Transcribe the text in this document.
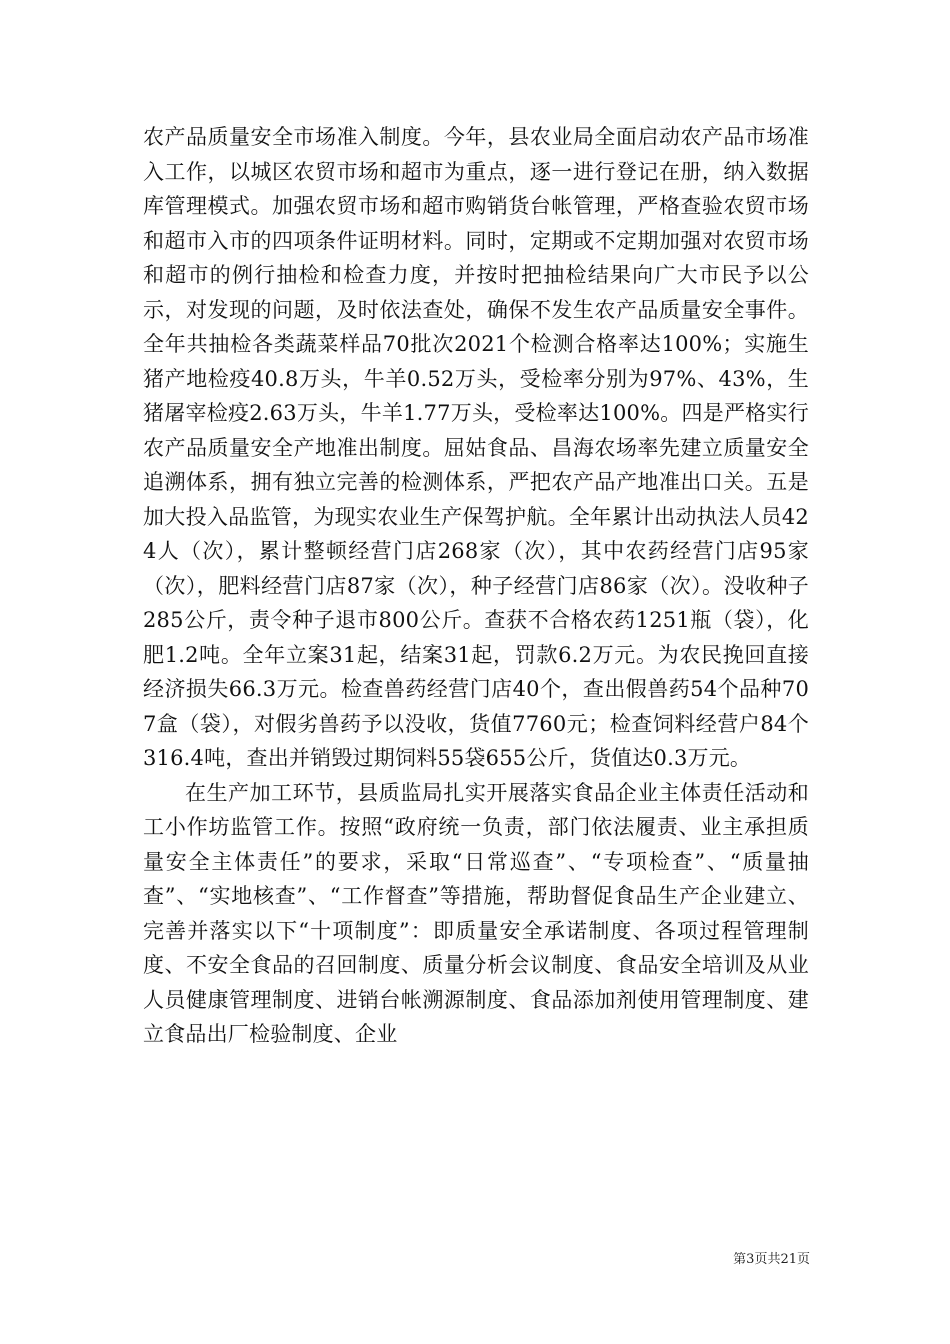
农产品质量安全市场准入制度。今年，县农业局全面启动农产品市场准入工作，以城区农贸市场和超市为重点，逐一进行登记在册，纳入数据库管理模式。加强农贸市场和超市购销货台帐管理，严格查验农贸市场和超市入市的四项条件证明材料。同时，定期或不定期加强对农贸市场和超市的例行抽检和检查力度，并按时把抽检结果向广大市民予以公示，对发现的问题，及时依法查处，确保不发生农产品质量安全事件。全年共抽检各类蔬菜样品70批次2021个检测合格率达100%；实施生猪产地检疫40.8万头，牛羊0.52万头，受检率分别为97%、43%，生猪屠宰检疫2.63万头，牛羊1.77万头，受检率达100%。四是严格实行农产品质量安全产地准出制度。屈姑食品、昌海农场率先建立质量安全追溯体系，拥有独立完善的检测体系，严把农产品产地准出口关。五是加大投入品监管，为现实农业生产保驾护航。全年累计出动执法人员424人（次），累计整顿经营门店268家（次），其中农药经营门店95家（次），肥料经营门店87家（次），种子经营门店86家（次）。没收种子285公斤，责令种子退市800公斤。查获不合格农药1251瓶（袋），化肥1.2吨。全年立案31起，结案31起，罚款6.2万元。为农民挽回直接经济损失66.3万元。检查兽药经营门店40个，查出假兽药54个品种707盒（袋），对假劣兽药予以没收，货值7760元；检查饲料经营户84个316.4吨，查出并销毁过期饲料55袋655公斤，货值达0.3万元。

在生产加工环节，县质监局扎实开展落实食品企业主体责任活动和工小作坊监管工作。按照“政府统一负责，部门依法履责、业主承担质量安全主体责任”的要求，采取“日常巡查”、“专项检查”、“质量抽查”、“实地核查”、“工作督查”等措施，帮助督促食品生产企业建立、完善并落实以下“十项制度”：即质量安全承诺制度、各项过程管理制度、不安全食品的召回制度、质量分析会议制度、食品安全培训及从业人员健康管理制度、进销台帐溯源制度、食品添加剂使用管理制度、建立食品出厂检验制度、企业

第3页共21页
